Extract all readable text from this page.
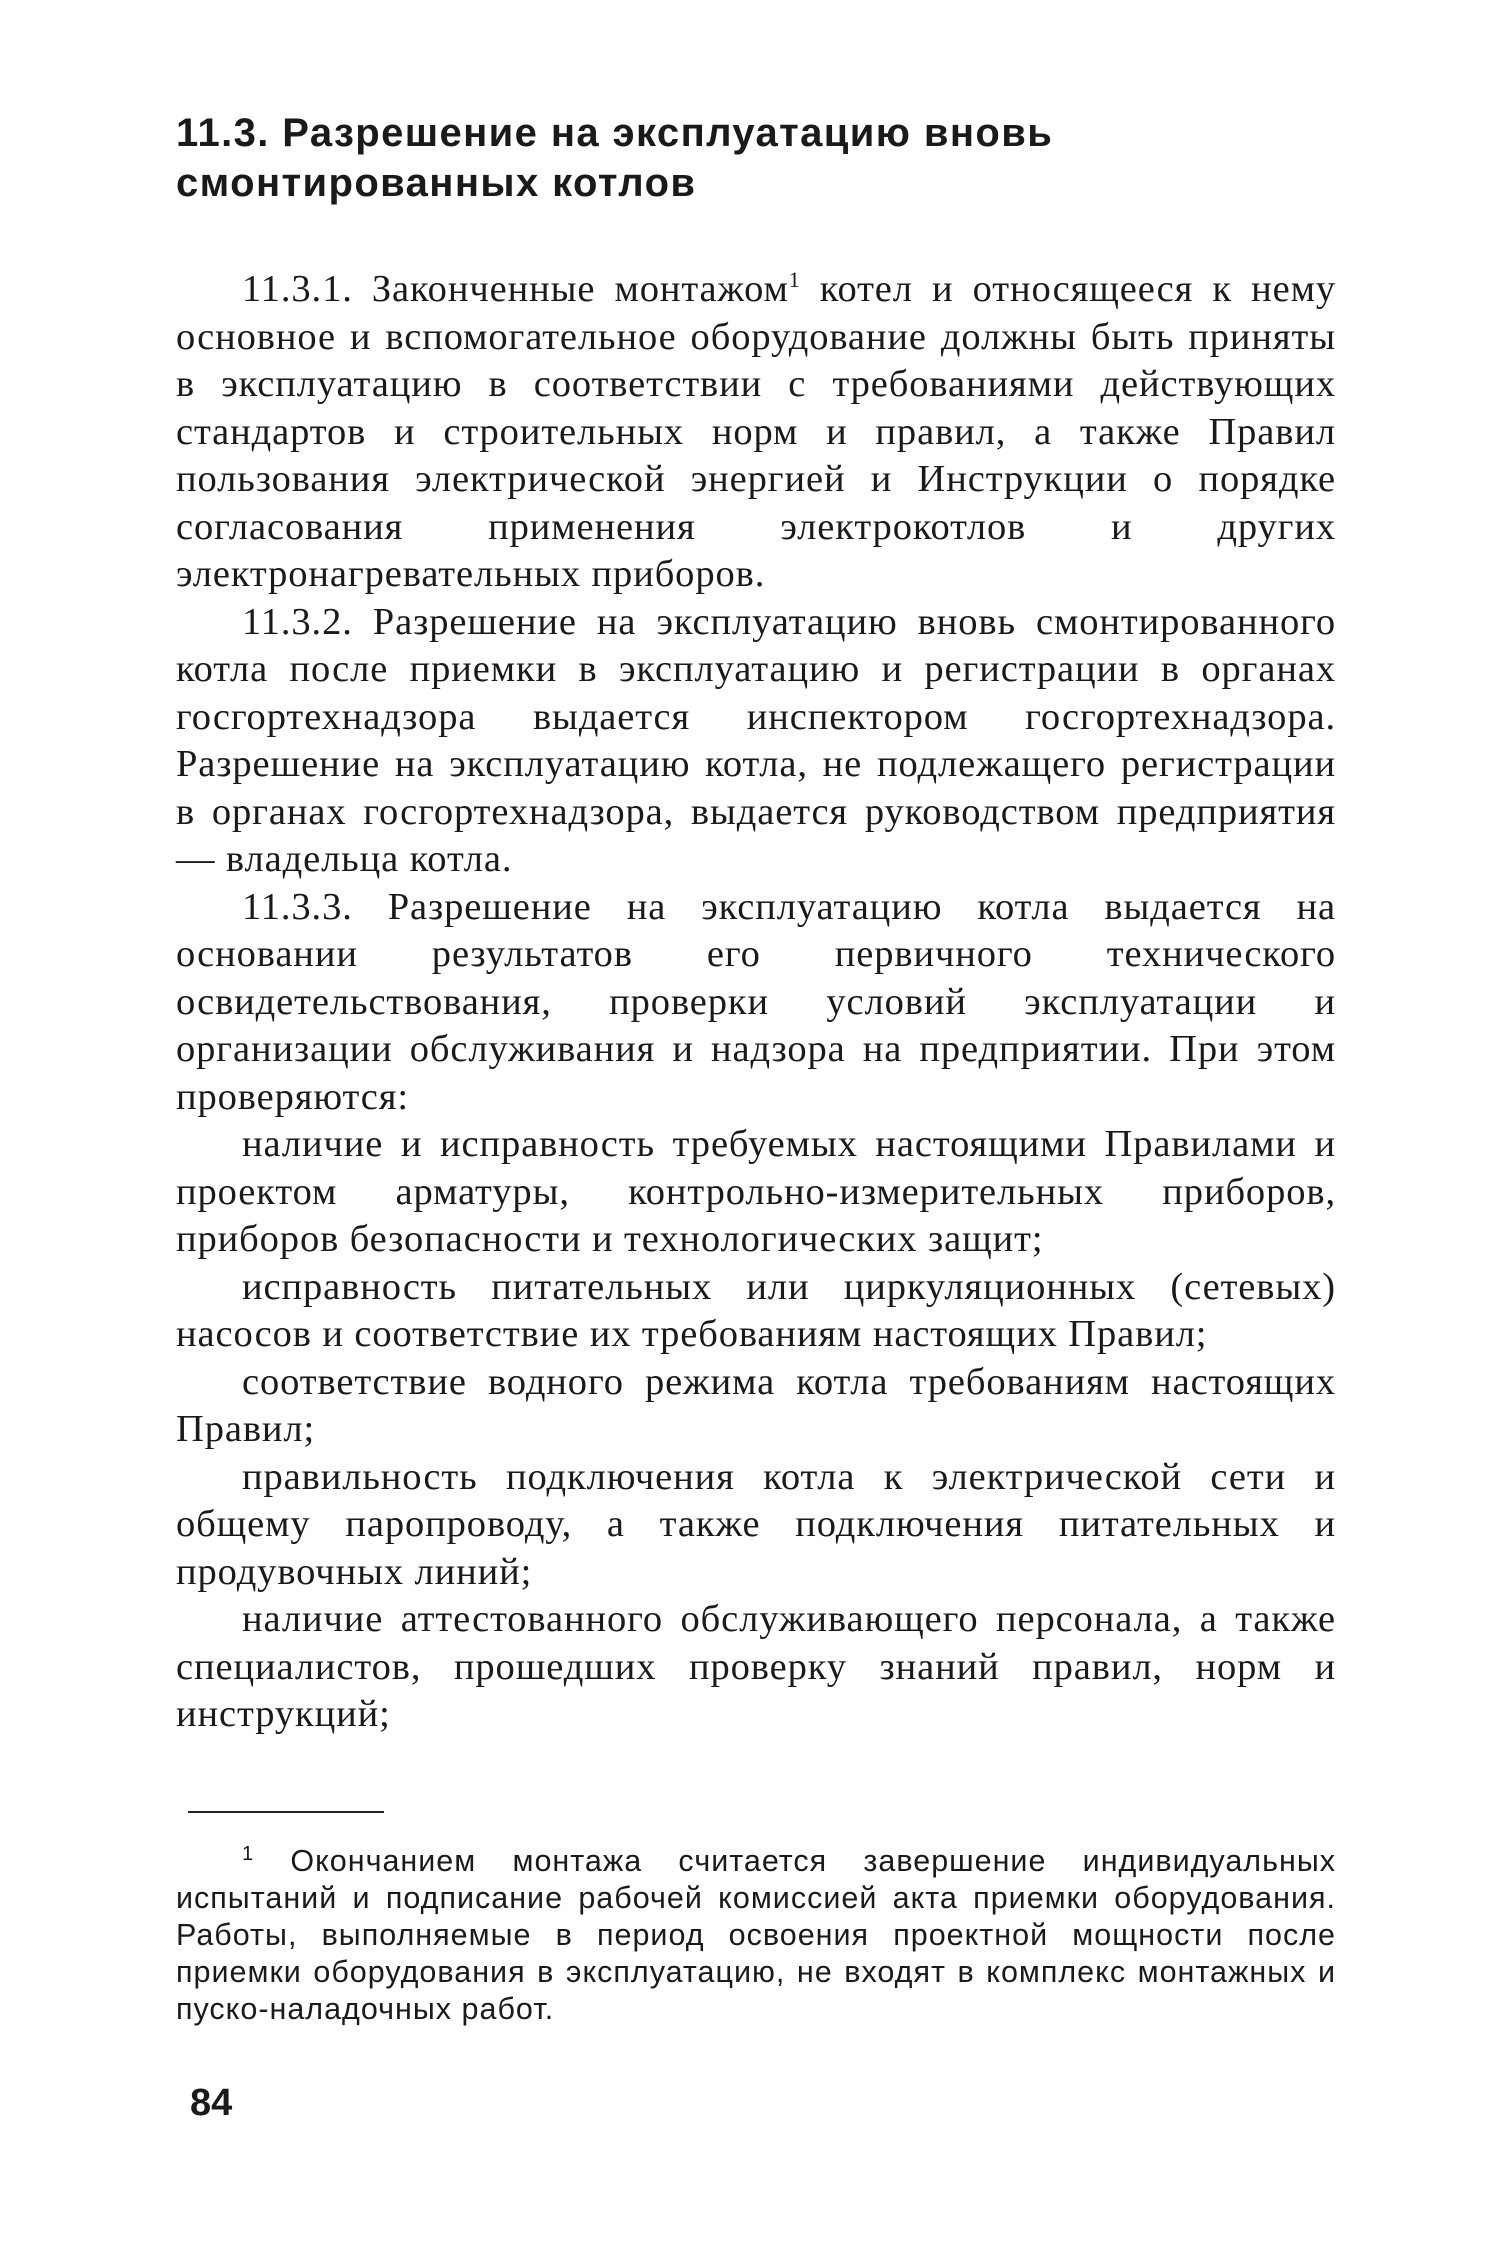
11.3. Разрешение на эксплуатацию вновь смонтированных котлов

11.3.1. Законченные монтажом$^1$ котел и относящееся к нему основное и вспомогательное оборудование должны быть приняты в эксплуатацию в соответствии с требованиями действующих стандартов и строительных норм и правил, а также Правил пользования электрической энергией и Инструкции о порядке согласования применения электрокотлов и других электронагревательных приборов.

11.3.2. Разрешение на эксплуатацию вновь смонтированного котла после приемки в эксплуатацию и регистрации в органах госгортехнадзора выдается инспектором госгортехнадзора. Разрешение на эксплуатацию котла, не подлежащего регистрации в органах госгортехнадзора, выдается руководством предприятия — владельца котла.

11.3.3. Разрешение на эксплуатацию котла выдается на основании результатов его первичного технического освидетельствования, проверки условий эксплуатации и организации обслуживания и надзора на предприятии. При этом проверяются:

наличие и исправность требуемых настоящими Правилами и проектом арматуры, контрольно-измерительных приборов, приборов безопасности и технологических защит;

исправность питательных или циркуляционных (сетевых) насосов и соответствие их требованиям настоящих Правил;

соответствие водного режима котла требованиям настоящих Правил;

правильность подключения котла к электрической сети и общему паропроводу, а также подключения питательных и продувочных линий;

наличие аттестованного обслуживающего персонала, а также специалистов, прошедших проверку знаний правил, норм и инструкций;

$^1$ Окончанием монтажа считается завершение индивидуальных испытаний и подписание рабочей комиссией акта приемки оборудования. Работы, выполняемые в период освоения проектной мощности после приемки оборудования в эксплуатацию, не входят в комплекс монтажных и пуско-наладочных работ.

84
